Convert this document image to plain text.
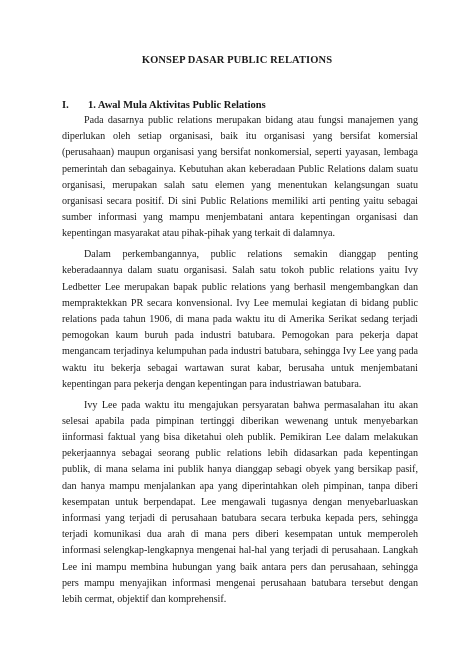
KONSEP DASAR PUBLIC RELATIONS
I. 1. Awal Mula Aktivitas Public Relations

Pada dasarnya public relations merupakan bidang atau fungsi manajemen yang diperlukan oleh setiap organisasi, baik itu organisasi yang bersifat komersial (perusahaan) maupun organisasi yang bersifat nonkomersial, seperti yayasan, lembaga pemerintah dan sebagainya. Kebutuhan akan keberadaan Public Relations dalam suatu organisasi, merupakan salah satu elemen yang menentukan kelangsungan suatu organisasi secara positif. Di sini Public Relations memiliki arti penting yaitu sebagai sumber informasi yang mampu menjembatani antara kepentingan organisasi dan kepentingan masyarakat atau pihak-pihak yang terkait di dalamnya.

Dalam perkembangannya, public relations semakin dianggap penting keberadaannya dalam suatu organisasi. Salah satu tokoh public relations yaitu Ivy Ledbetter Lee merupakan bapak public relations yang berhasil mengembangkan dan mempraktekkan PR secara konvensional. Ivy Lee memulai kegiatan di bidang public relations pada tahun 1906, di mana pada waktu itu di Amerika Serikat sedang terjadi pemogokan kaum buruh pada industri batubara. Pemogokan para pekerja dapat mengancam terjadinya kelumpuhan pada industri batubara, sehingga Ivy Lee yang pada waktu itu bekerja sebagai wartawan surat kabar, berusaha untuk menjembatani kepentingan para pekerja dengan kepentingan para industriawan batubara.

Ivy Lee pada waktu itu mengajukan persyaratan bahwa permasalahan itu akan selesai apabila pada pimpinan tertinggi diberikan wewenang untuk menyebarkan iinformasi faktual yang bisa diketahui oleh publik. Pemikiran Lee dalam melakukan pekerjaannya sebagai seorang public relations lebih didasarkan pada kepentingan publik, di mana selama ini publik hanya dianggap sebagi obyek yang bersikap pasif, dan hanya mampu menjalankan apa yang diperintahkan oleh pimpinan, tanpa diberi kesempatan untuk berpendapat. Lee mengawali tugasnya dengan menyebarluaskan informasi yang terjadi di perusahaan batubara secara terbuka kepada pers, sehingga terjadi komunikasi dua arah di mana pers diberi kesempatan untuk memperoleh informasi selengkap-lengkapnya mengenai hal-hal yang terjadi di perusahaan. Langkah Lee ini mampu membina hubungan yang baik antara pers dan perusahaan, sehingga pers mampu menyajikan informasi mengenai perusahaan batubara tersebut dengan lebih cermat, objektif dan komprehensif.
